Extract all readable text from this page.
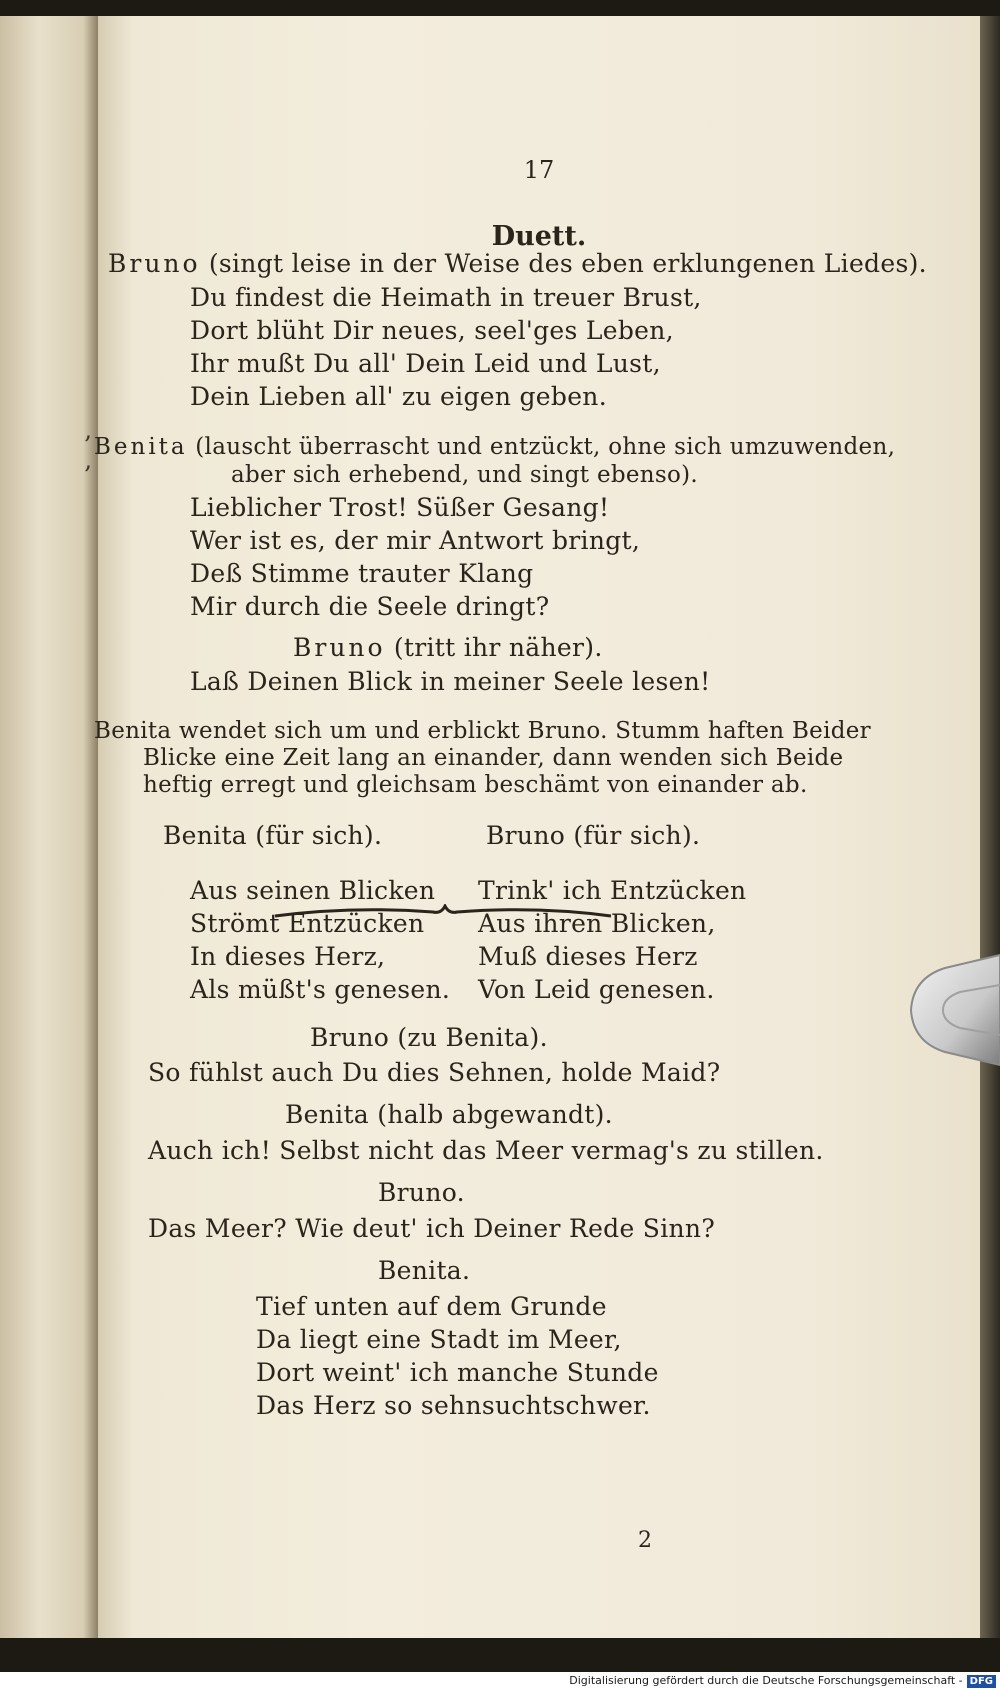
,
,
17
Duett.
Bruno (singt leise in der Weise des eben erklungenen Liedes).
Du findest die Heimath in treuer Brust,
Dort blüht Dir neues, seel'ges Leben,
Ihr mußt Du all' Dein Leid und Lust,
Dein Lieben all' zu eigen geben.
Benita (lauscht überrascht und entzückt, ohne sich umzuwenden,
aber sich erhebend, und singt ebenso).
Lieblicher Trost! Süßer Gesang!
Wer ist es, der mir Antwort bringt,
Deß Stimme trauter Klang
Mir durch die Seele dringt?
Bruno (tritt ihr näher).
Laß Deinen Blick in meiner Seele lesen!
Benita wendet sich um und erblickt Bruno. Stumm haften Beider
Blicke eine Zeit lang an einander, dann wenden sich Beide
heftig erregt und gleichsam beschämt von einander ab.
Benita (für sich).	Bruno (für sich).
Aus seinen Blicken
Strömt Entzücken
In dieses Herz,
Als müßt's genesen.
Trink' ich Entzücken
Aus ihren Blicken,
Muß dieses Herz
Von Leid genesen.
Bruno (zu Benita).
So fühlst auch Du dies Sehnen, holde Maid?
Benita (halb abgewandt).
Auch ich! Selbst nicht das Meer vermag's zu stillen.
Bruno.
Das Meer? Wie deut' ich Deiner Rede Sinn?
Benita.
Tief unten auf dem Grunde
Da liegt eine Stadt im Meer,
Dort weint' ich manche Stunde
Das Herz so sehnsuchtschwer.
2
Digitalisierung gefördert durch die Deutsche Forschungsgemeinschaft - DFG
